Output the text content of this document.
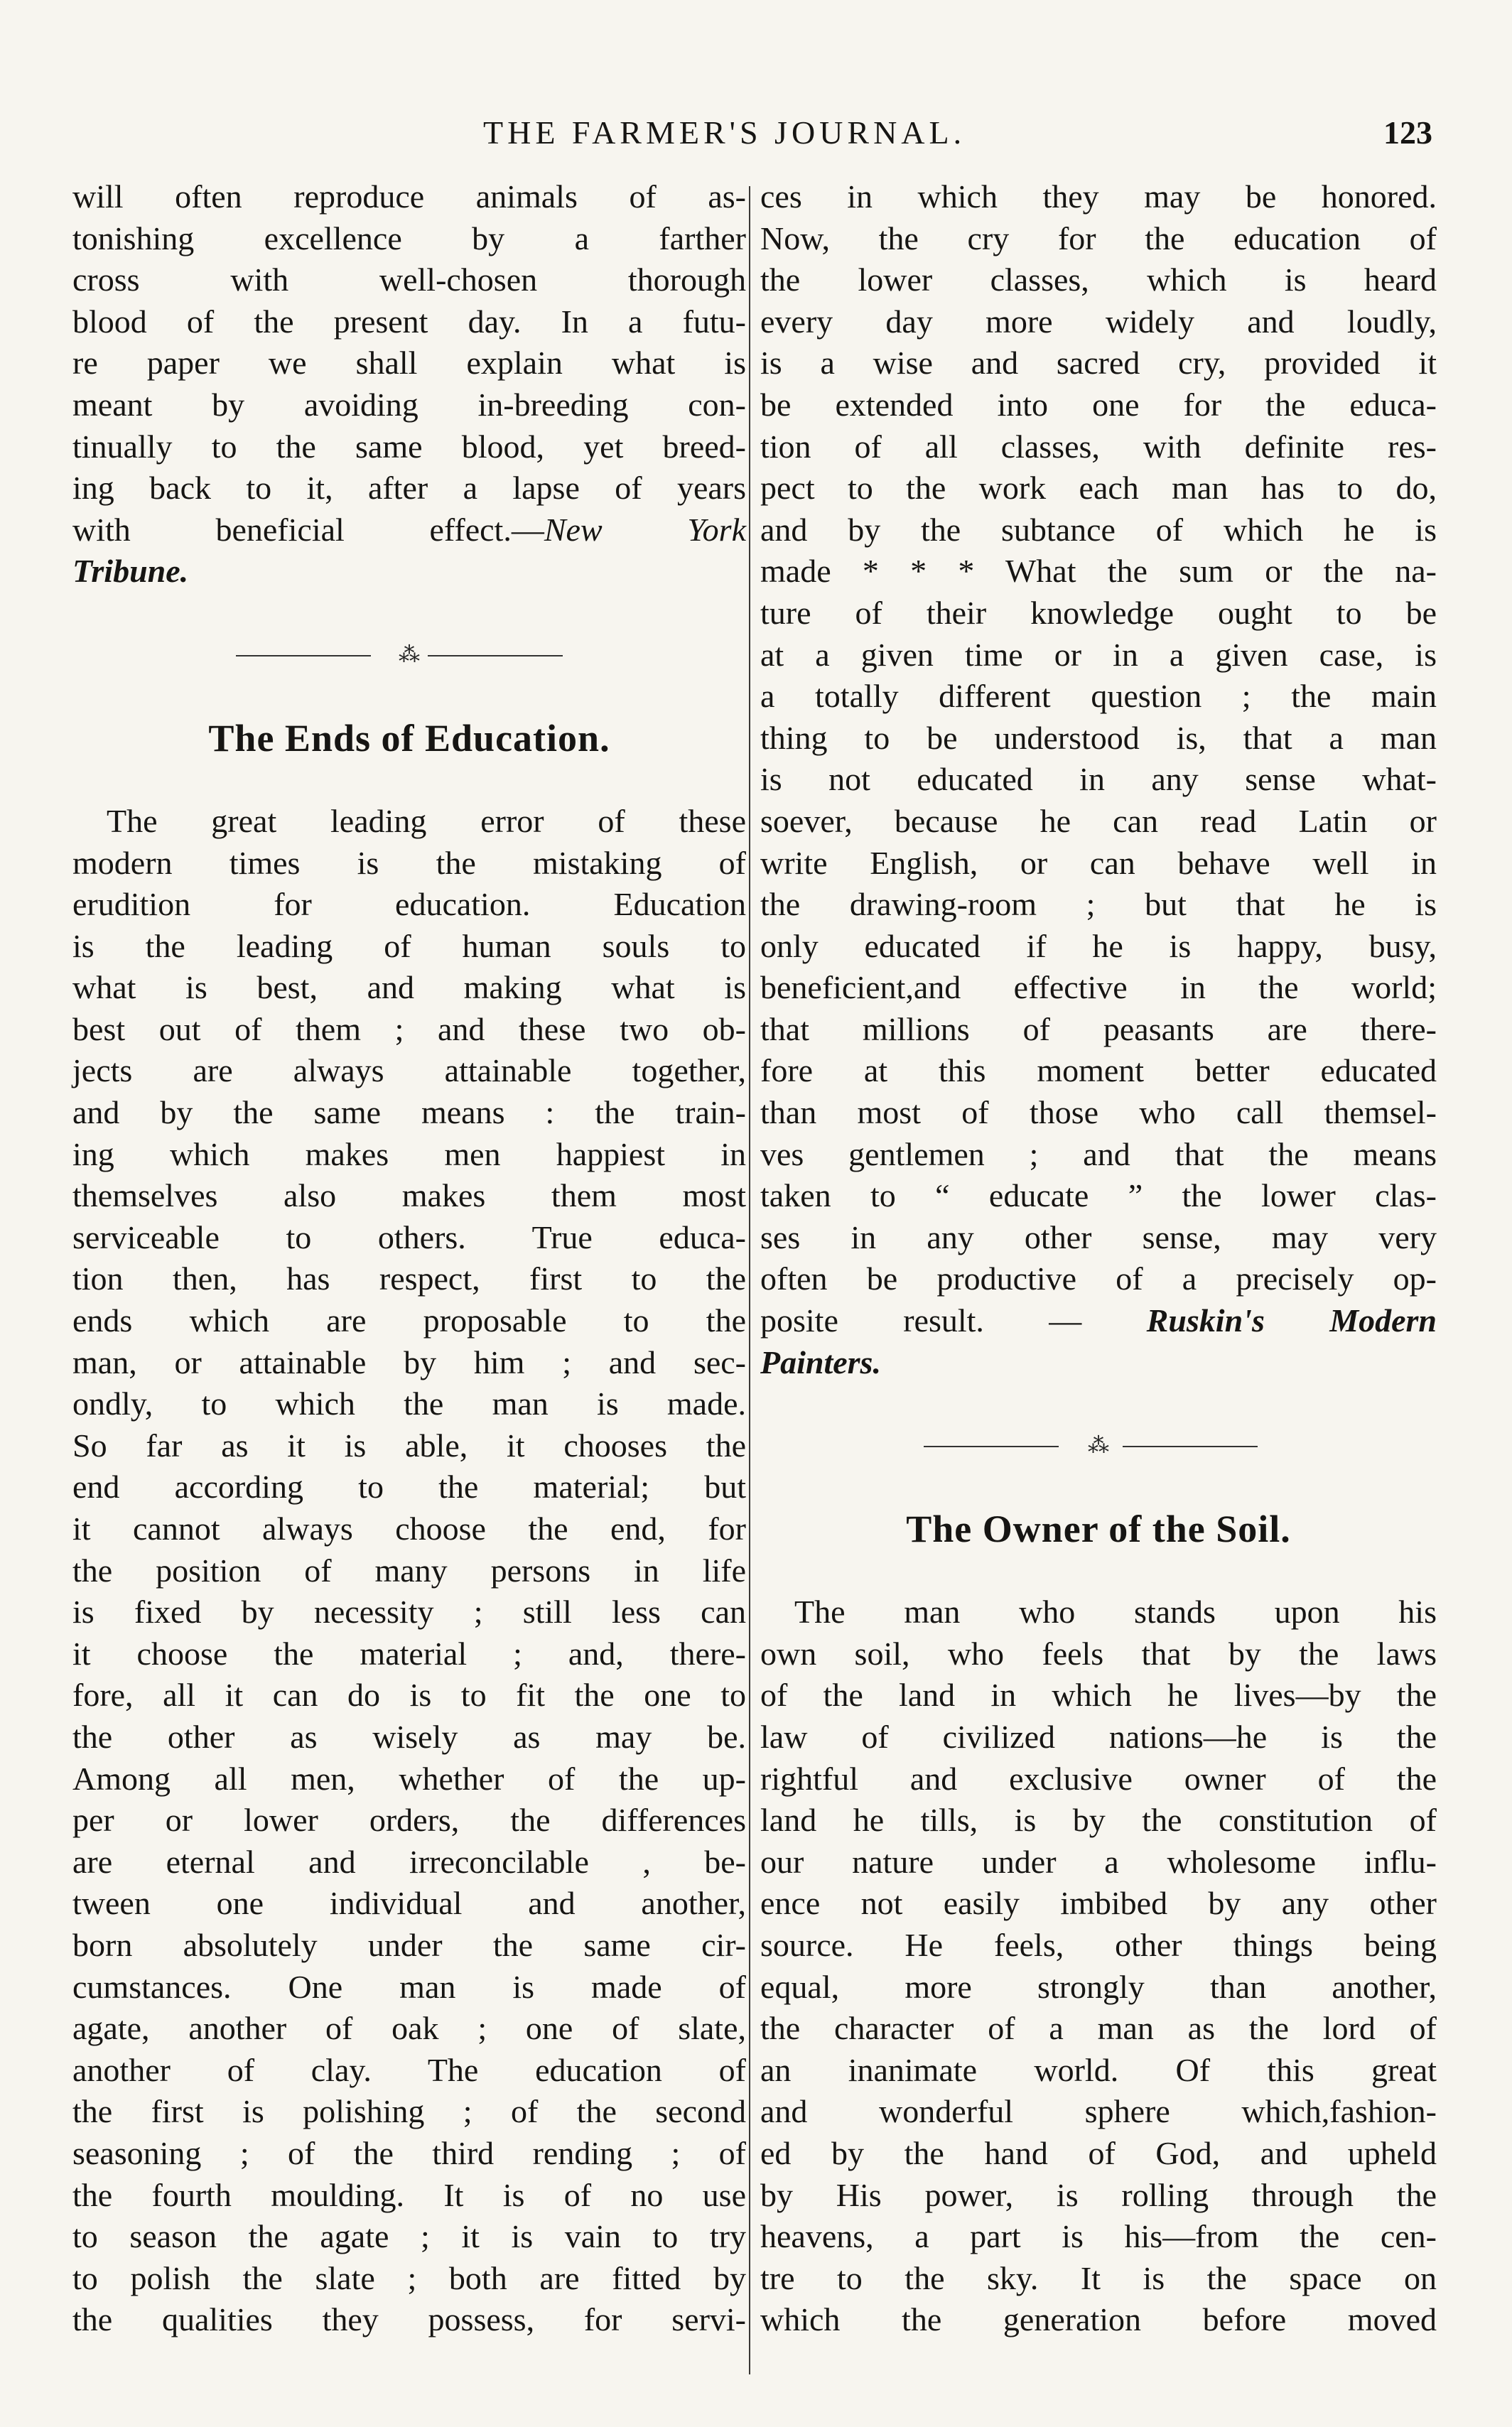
THE FARMER'S JOURNAL.	123
will often reproduce animals of as-
tonishing excellence by a farther
cross with well-chosen thorough
blood of the present day. In a futu-
re paper we shall explain what is
meant by avoiding in-breeding con-
tinually to the same blood, yet breed-
ing back to it, after a lapse of years
with beneficial effect.—New York
Tribune.
⁂
The Ends of Education.
The great leading error of these
modern times is the mistaking of
erudition for education. Education
is the leading of human souls to
what is best, and making what is
best out of them ; and these two ob-
jects are always attainable together,
and by the same means : the train-
ing which makes men happiest in
themselves also makes them most
serviceable to others. True educa-
tion then, has respect, first to the
ends which are proposable to the
man, or attainable by him ; and sec-
ondly, to which the man is made.
So far as it is able, it chooses the
end according to the material; but
it cannot always choose the end, for
the position of many persons in life
is fixed by necessity ; still less can
it choose the material ; and, there-
fore, all it can do is to fit the one to
the other as wisely as may be.
Among all men, whether of the up-
per or lower orders, the differences
are eternal and irreconcilable , be-
tween one individual and another,
born absolutely under the same cir-
cumstances. One man is made of
agate, another of oak ; one of slate,
another of clay. The education of
the first is polishing ; of the second
seasoning ; of the third rending ; of
the fourth moulding. It is of no use
to season the agate ; it is vain to try
to polish the slate ; both are fitted by
the qualities they possess, for servi-
ces in which they may be honored.
Now, the cry for the education of
the lower classes, which is heard
every day more widely and loudly,
is a wise and sacred cry, provided it
be extended into one for the educa-
tion of all classes, with definite res-
pect to the work each man has to do,
and by the subtance of which he is
made * * * What the sum or the na-
ture of their knowledge ought to be
at a given time or in a given case, is
a totally different question ; the main
thing to be understood is, that a man
is not educated in any sense what-
soever, because he can read Latin or
write English, or can behave well in
the drawing-room ; but that he is
only educated if he is happy, busy,
beneficient,and effective in the world;
that millions of peasants are there-
fore at this moment better educated
than most of those who call themsel-
ves gentlemen ; and that the means
taken to “ educate ” the lower clas-
ses in any other sense, may very
often be productive of a precisely op-
posite result. — Ruskin's Modern
Painters.
⁂
The Owner of the Soil.
The man who stands upon his
own soil, who feels that by the laws
of the land in which he lives—by the
law of civilized nations—he is the
rightful and exclusive owner of the
land he tills, is by the constitution of
our nature under a wholesome influ-
ence not easily imbibed by any other
source. He feels, other things being
equal, more strongly than another,
the character of a man as the lord of
an inanimate world. Of this great
and wonderful sphere which,fashion-
ed by the hand of God, and upheld
by His power, is rolling through the
heavens, a part is his—from the cen-
tre to the sky. It is the space on
which the generation before moved
